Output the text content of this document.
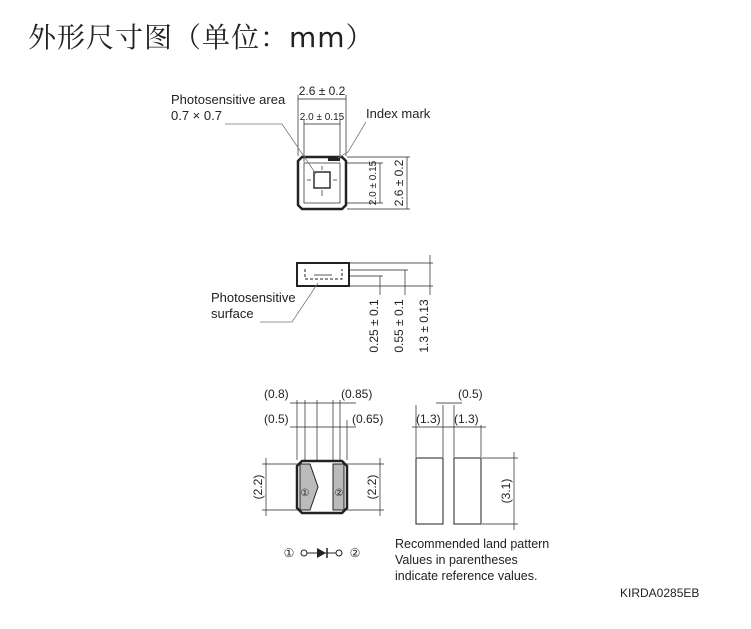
外形尺寸图（单位：mm）
2.6 ± 0.2
2.0 ± 0.15
2.0 ± 0.15 2.6 ± 0.2
Photosensitive area
0.7 × 0.7	Index mark
0.25 ± 0.1 0.55 ± 0.1 1.3 ± 0.13
Photosensitive
surface
①	②
(0.8)	(0.85)
(0.5)	(0.65)
(2.2)	(2.2)
(0.5)
(1.3) (1.3)
(3.1)
Recommended land pattern
Values in parentheses
indicate reference values.
①	②
KIRDA0285EB
